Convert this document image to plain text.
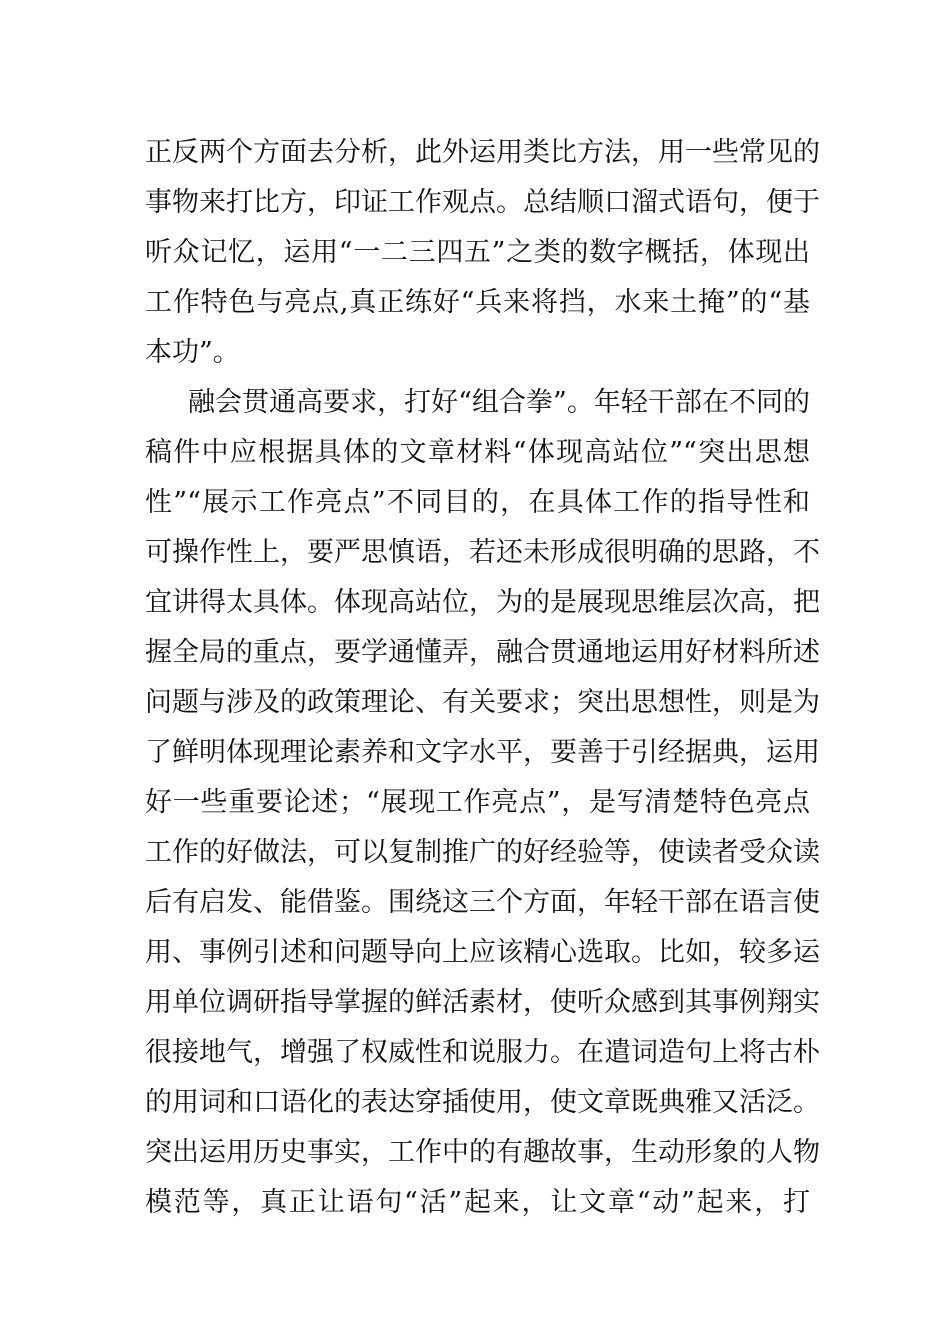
正反两个方面去分析，此外运用类比方法，用一些常见的
事物来打比方，印证工作观点。总结顺口溜式语句，便于
听众记忆，运用“一二三四五”之类的数字概括，体现出
工作特色与亮点,真正练好“兵来将挡，水来土掩”的“基
本功”。
融会贯通高要求，打好“组合拳”。年轻干部在不同的
稿件中应根据具体的文章材料“体现高站位”“突出思想
性”“展示工作亮点”不同目的，在具体工作的指导性和
可操作性上，要严思慎语，若还未形成很明确的思路，不
宜讲得太具体。体现高站位，为的是展现思维层次高，把
握全局的重点，要学通懂弄，融合贯通地运用好材料所述
问题与涉及的政策理论、有关要求；突出思想性，则是为
了鲜明体现理论素养和文字水平，要善于引经据典，运用
好一些重要论述；“展现工作亮点”，是写清楚特色亮点
工作的好做法，可以复制推广的好经验等，使读者受众读
后有启发、能借鉴。围绕这三个方面，年轻干部在语言使
用、事例引述和问题导向上应该精心选取。比如，较多运
用单位调研指导掌握的鲜活素材，使听众感到其事例翔实
很接地气，增强了权威性和说服力。在遣词造句上将古朴
的用词和口语化的表达穿插使用，使文章既典雅又活泛。
突出运用历史事实，工作中的有趣故事，生动形象的人物
模范等，真正让语句“活”起来，让文章“动”起来，打
